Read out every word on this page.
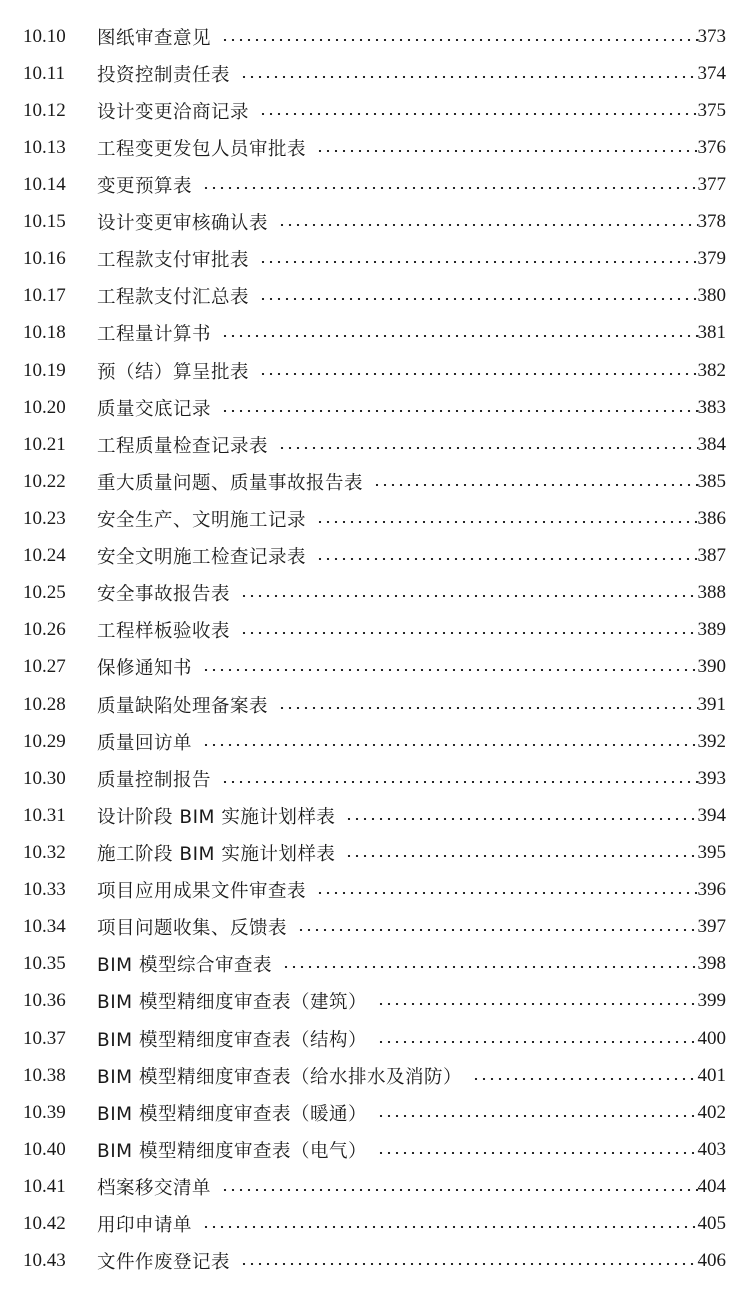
10.10	图纸审查意见	373
10.11	投资控制责任表	374
10.12	设计变更洽商记录	375
10.13	工程变更发包人员审批表	376
10.14	变更预算表	377
10.15	设计变更审核确认表	378
10.16	工程款支付审批表	379
10.17	工程款支付汇总表	380
10.18	工程量计算书	381
10.19	预（结）算呈批表	382
10.20	质量交底记录	383
10.21	工程质量检查记录表	384
10.22	重大质量问题、质量事故报告表	385
10.23	安全生产、文明施工记录	386
10.24	安全文明施工检查记录表	387
10.25	安全事故报告表	388
10.26	工程样板验收表	389
10.27	保修通知书	390
10.28	质量缺陷处理备案表	391
10.29	质量回访单	392
10.30	质量控制报告	393
10.31	设计阶段 BIM 实施计划样表	394
10.32	施工阶段 BIM 实施计划样表	395
10.33	项目应用成果文件审查表	396
10.34	项目问题收集、反馈表	397
10.35	BIM 模型综合审查表	398
10.36	BIM 模型精细度审查表（建筑）	399
10.37	BIM 模型精细度审查表（结构）	400
10.38	BIM 模型精细度审查表（给水排水及消防）	401
10.39	BIM 模型精细度审查表（暖通）	402
10.40	BIM 模型精细度审查表（电气）	403
10.41	档案移交清单	404
10.42	用印申请单	405
10.43	文件作废登记表	406
